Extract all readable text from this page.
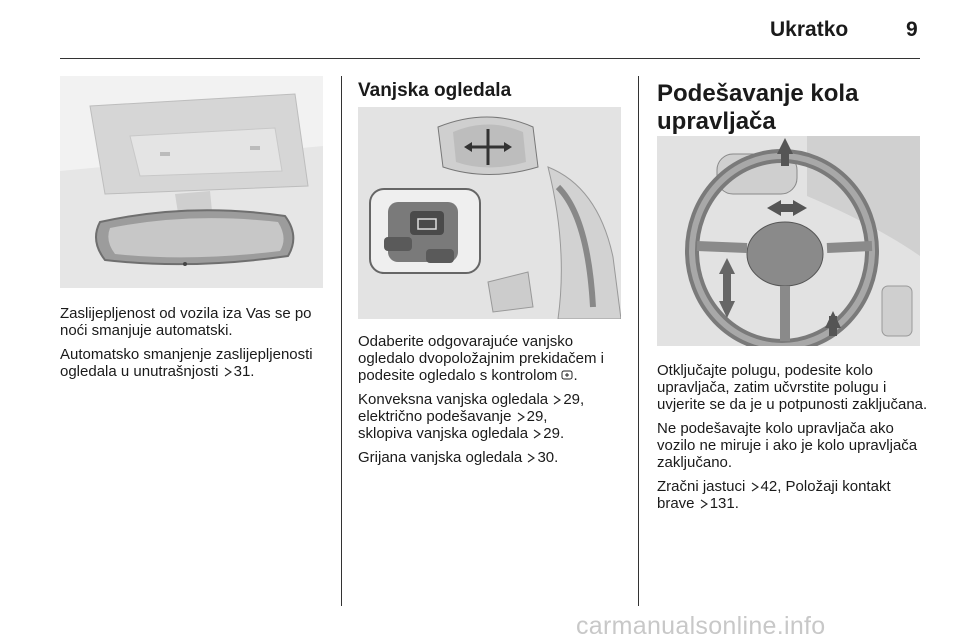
Ukratko	9

Zaslijepljenost od vozila iza Vas se po noći smanjuje automatski.

Automatsko smanjenje zaslijepljenosti ogledala u unutrašnjosti 31.

Vanjska ogledala

Odaberite odgovarajuće vanjsko ogledalo dvopoložajnim prekidačem i podesite ogledalo s kontrolom .

Konveksna vanjska ogledala 29,
električno podešavanje 29,
sklopiva vanjska ogledala 29.

Grijana vanjska ogledala 30.

Podešavanje kola
upravljača

Otključajte polugu, podesite kolo upravljača, zatim učvrstite polugu i uvjerite se da je u potpunosti zaključana.

Ne podešavajte kolo upravljača ako vozilo ne miruje i ako je kolo upravljača zaključano.

Zračni jastuci 42, Položaji kontakt brave 131.

carmanualsonline.info
